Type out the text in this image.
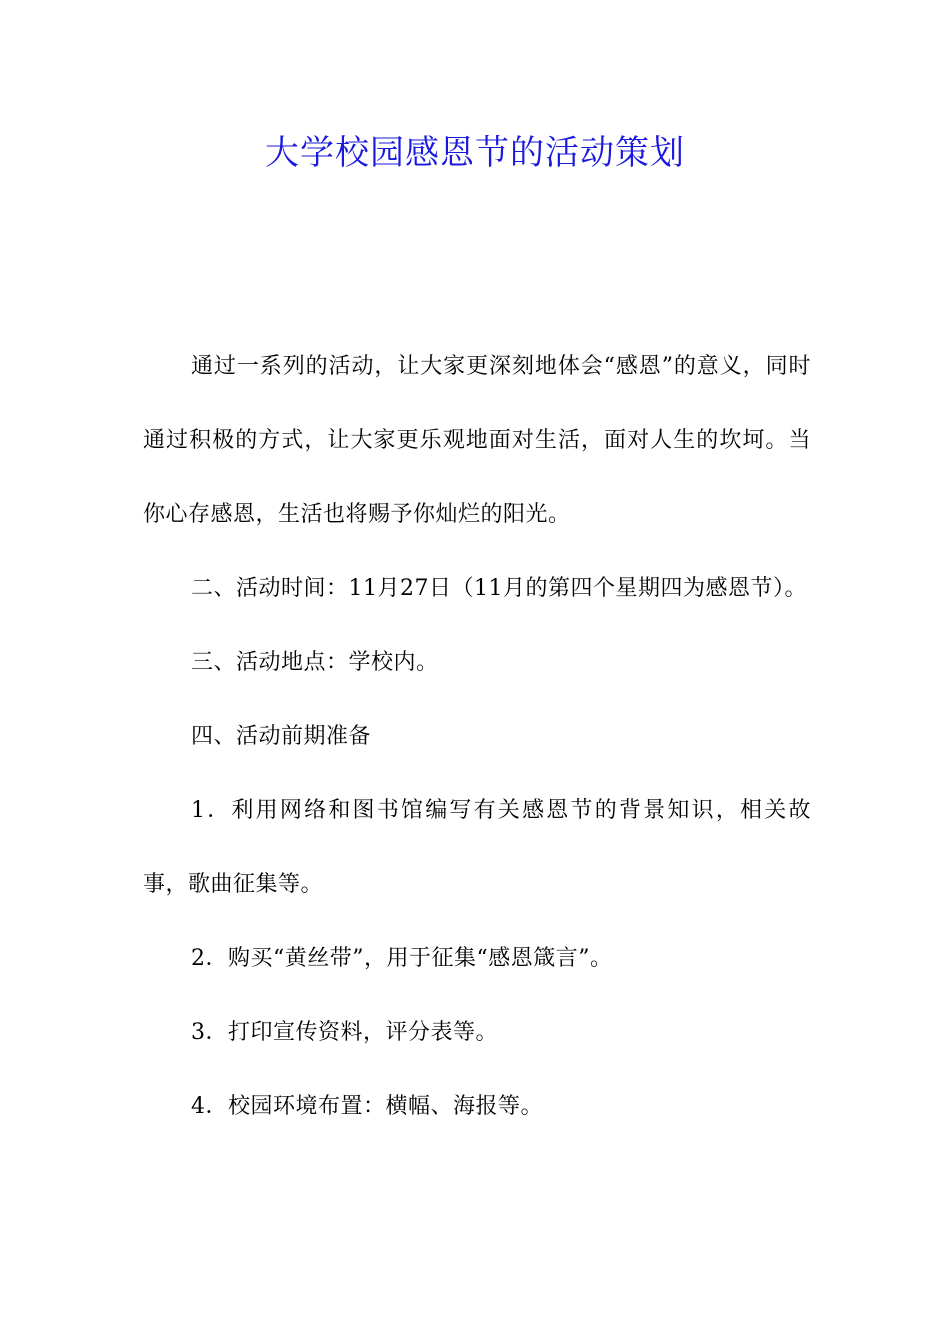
大学校园感恩节的活动策划

通过一系列的活动，让大家更深刻地体会“感恩”的意义，同时通过积极的方式，让大家更乐观地面对生活，面对人生的坎坷。当你心存感恩，生活也将赐予你灿烂的阳光。

二、活动时间：11月27日（11月的第四个星期四为感恩节）。

三、活动地点：学校内。

四、活动前期准备

1．利用网络和图书馆编写有关感恩节的背景知识，相关故事，歌曲征集等。

2．购买“黄丝带”，用于征集“感恩箴言”。

3．打印宣传资料，评分表等。

4．校园环境布置：横幅、海报等。
